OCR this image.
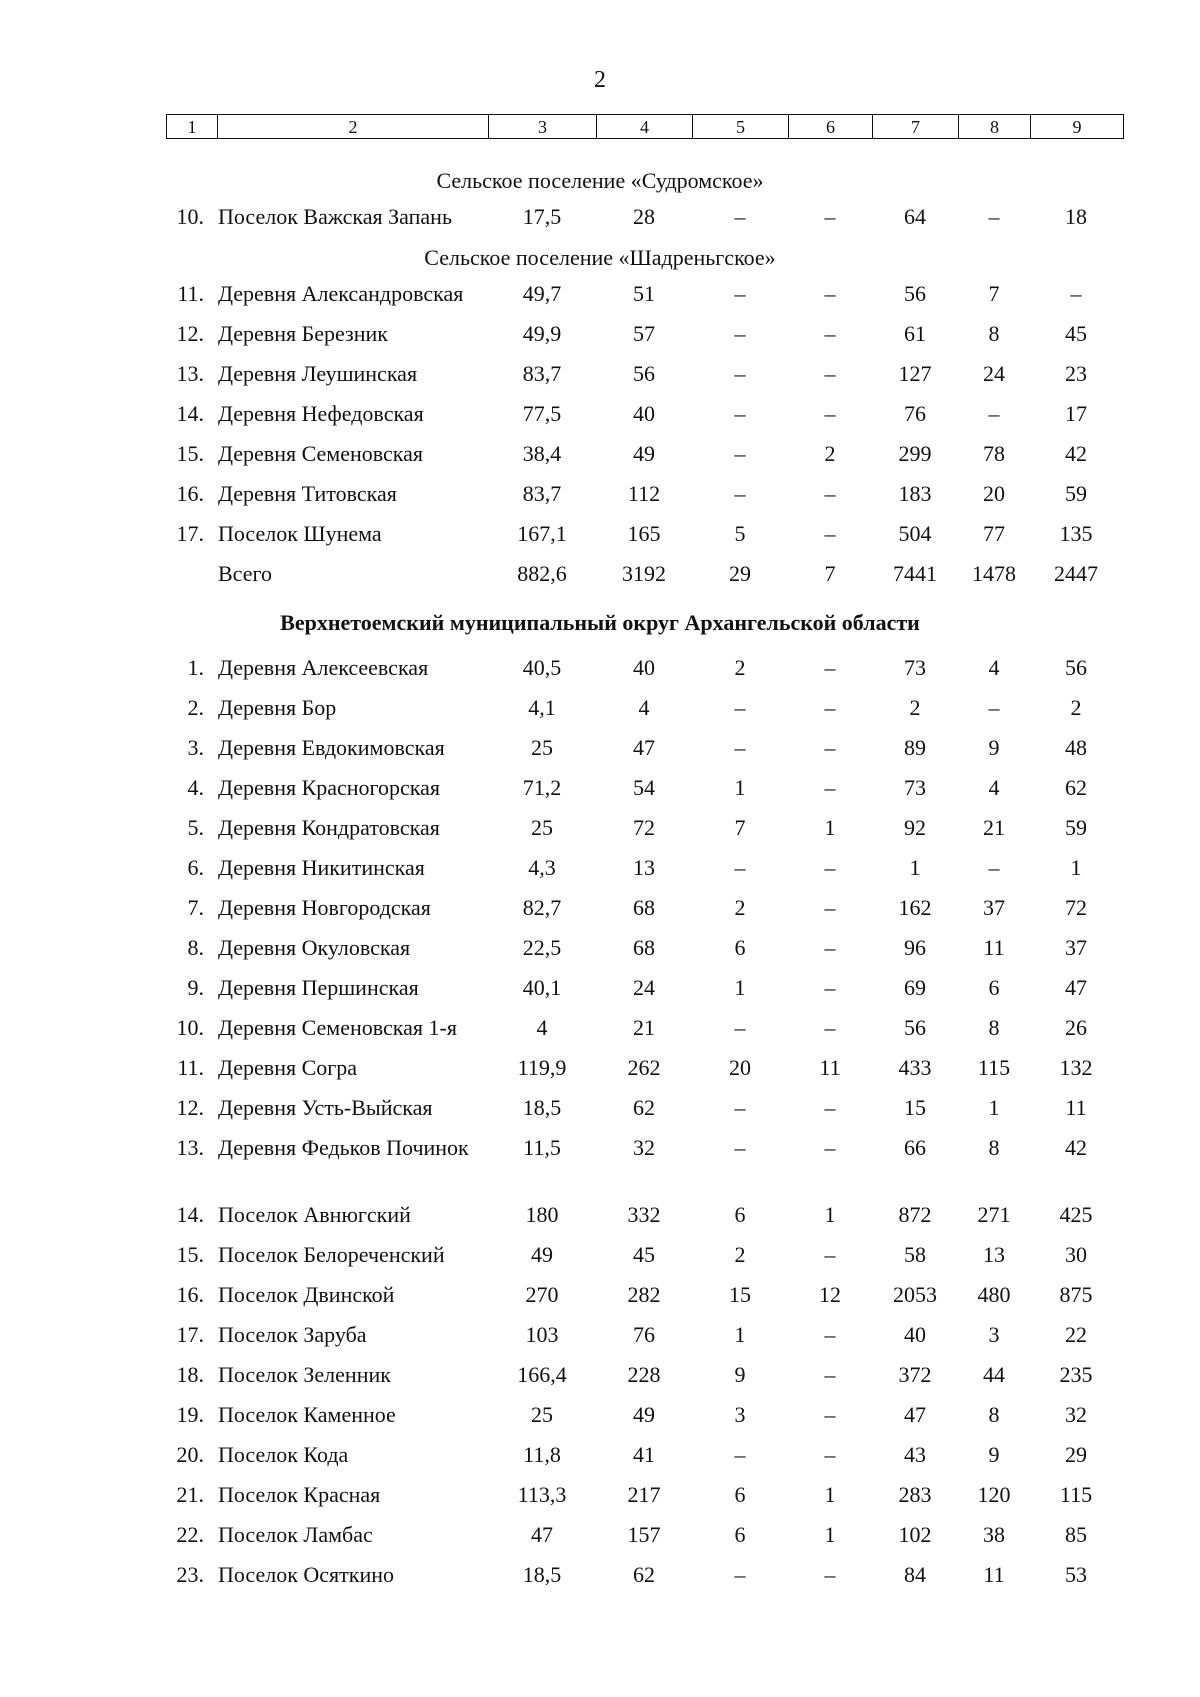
2
1	2	3	4	5	6	7	8	9
Сельское поселение «Судромское»
10. Поселок Важская Запань	17,5	28	–	–	64	–	18
Сельское поселение «Шадреньгское»
11. Деревня Александровская	49,7	51	–	–	56	7	–
12. Деревня Березник	49,9	57	–	–	61	8	45
13. Деревня Леушинская	83,7	56	–	–	127	24	23
14. Деревня Нефедовская	77,5	40	–	–	76	–	17
15. Деревня Семеновская	38,4	49	–	2	299	78	42
16. Деревня Титовская	83,7	112	–	–	183	20	59
17. Поселок Шунема	167,1	165	5	–	504	77	135
Всего	882,6	3192	29	7	7441	1478	2447
Верхнетоемский муниципальный округ Архангельской области
1. Деревня Алексеевская	40,5	40	2	–	73	4	56
2. Деревня Бор	4,1	4	–	–	2	–	2
3. Деревня Евдокимовская	25	47	–	–	89	9	48
4. Деревня Красногорская	71,2	54	1	–	73	4	62
5. Деревня Кондратовская	25	72	7	1	92	21	59
6. Деревня Никитинская	4,3	13	–	–	1	–	1
7. Деревня Новгородская	82,7	68	2	–	162	37	72
8. Деревня Окуловская	22,5	68	6	–	96	11	37
9. Деревня Першинская	40,1	24	1	–	69	6	47
10. Деревня Семеновская 1-я	4	21	–	–	56	8	26
11. Деревня Согра	119,9	262	20	11	433	115	132
12. Деревня Усть-Выйская	18,5	62	–	–	15	1	11
13. Деревня Федьков Починок	11,5	32	–	–	66	8	42
14. Поселок Авнюгский	180	332	6	1	872	271	425
15. Поселок Белореченский	49	45	2	–	58	13	30
16. Поселок Двинской	270	282	15	12	2053	480	875
17. Поселок Заруба	103	76	1	–	40	3	22
18. Поселок Зеленник	166,4	228	9	–	372	44	235
19. Поселок Каменное	25	49	3	–	47	8	32
20. Поселок Кода	11,8	41	–	–	43	9	29
21. Поселок Красная	113,3	217	6	1	283	120	115
22. Поселок Ламбас	47	157	6	1	102	38	85
23. Поселок Осяткино	18,5	62	–	–	84	11	53
